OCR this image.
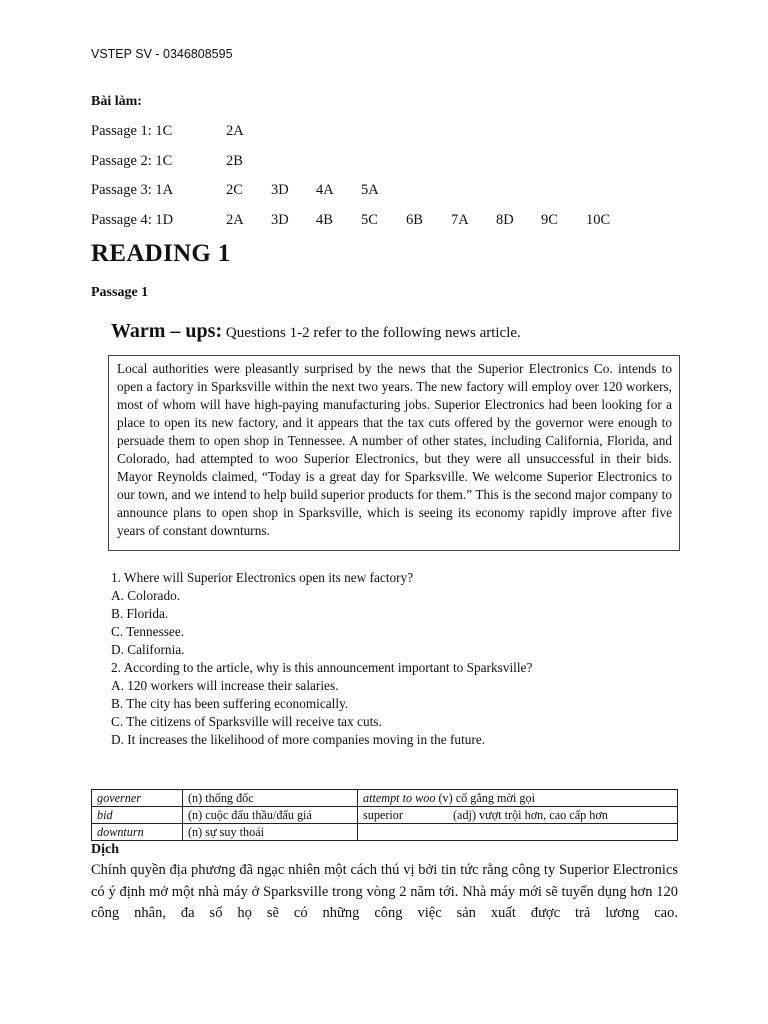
VSTEP SV - 0346808595
Bài làm:
Passage 1: 1C	2A
Passage 2: 1C	2B
Passage 3: 1A	2C 3D 4A 5A
Passage 4: 1D	2A 3D 4B 5C 6B 7A 8D 9C 10C
READING 1
Passage 1
Warm – ups: Questions 1-2 refer to the following news article.
Local authorities were pleasantly surprised by the news that the Superior Electronics Co. intends to open a factory in Sparksville within the next two years. The new factory will employ over 120 workers, most of whom will have high-paying manufacturing jobs. Superior Electronics had been looking for a place to open its new factory, and it appears that the tax cuts offered by the governor were enough to persuade them to open shop in Tennessee. A number of other states, including California, Florida, and Colorado, had attempted to woo Superior Electronics, but they were all unsuccessful in their bids. Mayor Reynolds claimed, “Today is a great day for Sparksville. We welcome Superior Electronics to our town, and we intend to help build superior products for them.” This is the second major company to announce plans to open shop in Sparksville, which is seeing its economy rapidly improve after five years of constant downturns.
1. Where will Superior Electronics open its new factory?
A. Colorado.
B. Florida.
C. Tennessee.
D. California.
2. According to the article, why is this announcement important to Sparksville?
A. 120 workers will increase their salaries.
B. The city has been suffering economically.
C. The citizens of Sparksville will receive tax cuts.
D. It increases the likelihood of more companies moving in the future.
governer	(n) thống đốc	attempt to woo (v) cố gắng mời gọi
bid	(n) cuộc đấu thầu/đấu giá	superior (adj) vượt trội hơn, cao cấp hơn
downturn	(n) sự suy thoái	
Dịch
Chính quyền địa phương đã ngạc nhiên một cách thú vị bởi tin tức rằng công ty Superior Electronics có ý định mở một nhà máy ở Sparksville trong vòng 2 năm tới. Nhà máy mới sẽ tuyển dụng hơn 120 công nhân, đa số họ sẽ có những công việc sản xuất được trả lương cao.
